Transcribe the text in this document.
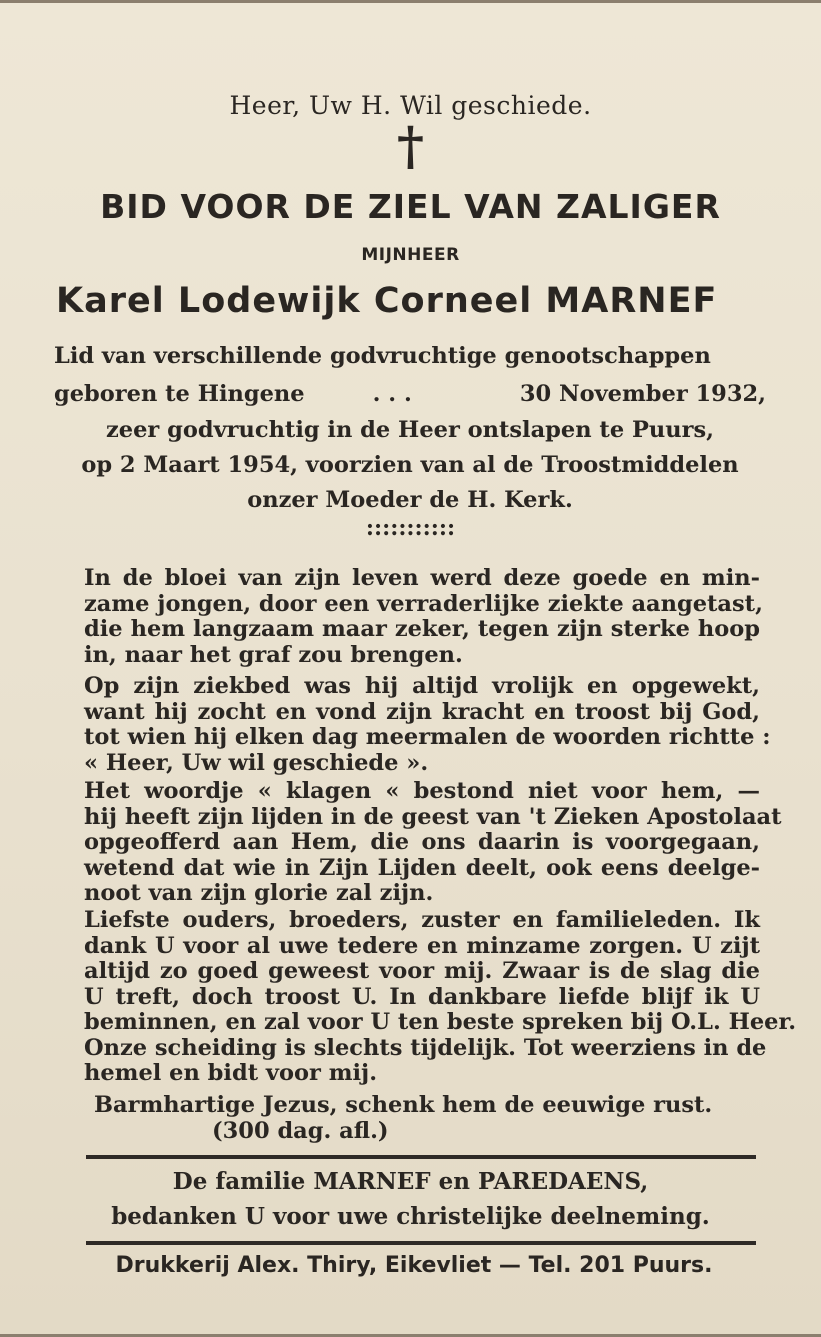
Heer, Uw H. Wil geschiede.
†
BID VOOR DE ZIEL VAN ZALIGER
MIJNHEER
Karel Lodewijk Corneel MARNEF
Lid van verschillende godvruchtige genootschappen
geboren te Hingene	. . .	30 November 1932,
zeer godvruchtig in de Heer ontslapen te Puurs,
op 2 Maart 1954, voorzien van al de Troostmiddelen
onzer Moeder de H. Kerk.
:::::::::::
In de bloei van zijn leven werd deze goede en min-
zame jongen, door een verraderlijke ziekte aangetast,
die hem langzaam maar zeker, tegen zijn sterke hoop
in, naar het graf zou brengen.
Op zijn ziekbed was hij altijd vrolijk en opgewekt,
want hij zocht en vond zijn kracht en troost bij God,
tot wien hij elken dag meermalen de woorden richtte :
« Heer, Uw wil geschiede ».
Het woordje « klagen « bestond niet voor hem, —
hij heeft zijn lijden in de geest van 't Zieken Apostolaat
opgeofferd aan Hem, die ons daarin is voorgegaan,
wetend dat wie in Zijn Lijden deelt, ook eens deelge-
noot van zijn glorie zal zijn.
Liefste ouders, broeders, zuster en familieleden. Ik
dank U voor al uwe tedere en minzame zorgen. U zijt
altijd zo goed geweest voor mij. Zwaar is de slag die
U treft, doch troost U. In dankbare liefde blijf ik U
beminnen, en zal voor U ten beste spreken bij O.L. Heer.
Onze scheiding is slechts tijdelijk. Tot weerziens in de
hemel en bidt voor mij.
Barmhartige Jezus, schenk hem de eeuwige rust.
(300 dag. afl.)
De familie MARNEF en PAREDAENS,
bedanken U voor uwe christelijke deelneming.
Drukkerij Alex. Thiry, Eikevliet — Tel. 201 Puurs.
